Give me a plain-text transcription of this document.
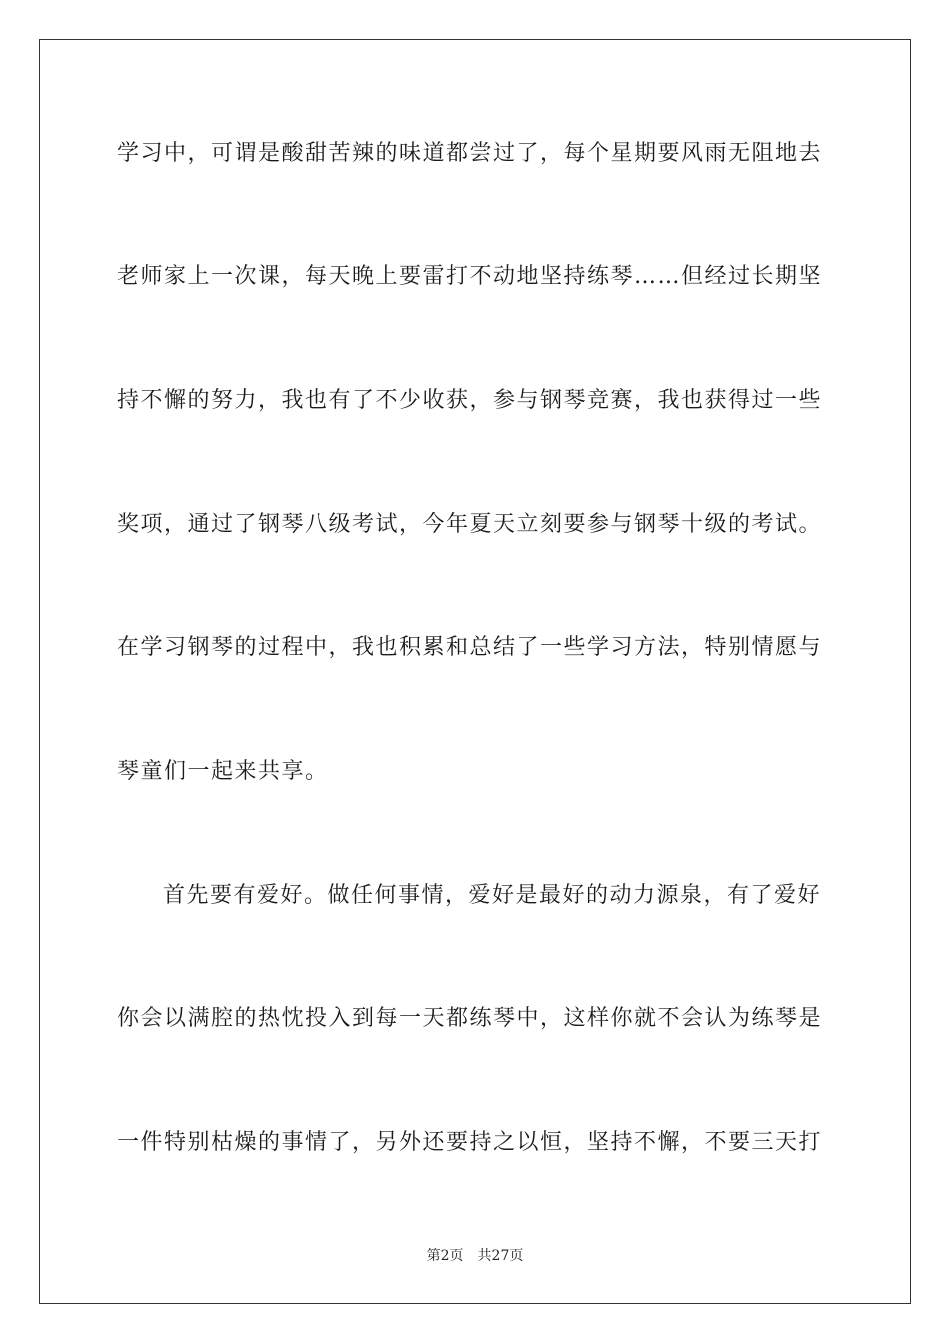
学习中，可谓是酸甜苦辣的味道都尝过了，每个星期要风雨无阻地去
老师家上一次课，每天晚上要雷打不动地坚持练琴……但经过长期坚
持不懈的努力，我也有了不少收获，参与钢琴竞赛，我也获得过一些
奖项，通过了钢琴八级考试，今年夏天立刻要参与钢琴十级的考试。
在学习钢琴的过程中，我也积累和总结了一些学习方法，特别情愿与
琴童们一起来共享。
首先要有爱好。做任何事情，爱好是最好的动力源泉，有了爱好
你会以满腔的热忱投入到每一天都练琴中，这样你就不会认为练琴是
一件特别枯燥的事情了，另外还要持之以恒，坚持不懈，不要三天打
第2页 共27页
